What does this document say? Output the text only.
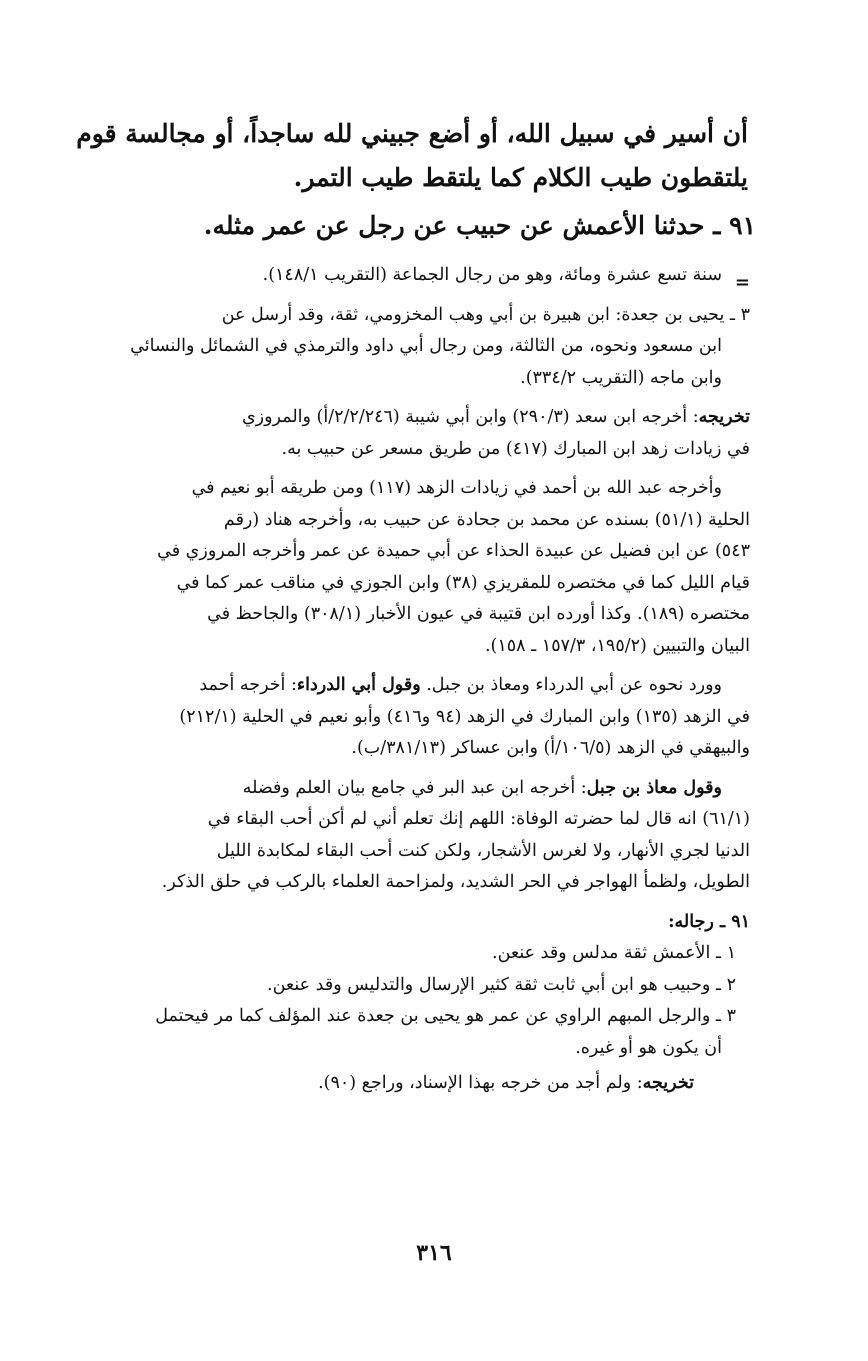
أن أسير في سبيل الله، أو أضع جبيني لله ساجداً، أو مجالسة قوم
يلتقطون طيب الكلام كما يلتقط طيب التمر.
٩١ ـ حدثنا الأعمش عن حبيب عن رجل عن عمر مثله.
سنة تسع عشرة ومائة، وهو من رجال الجماعة (التقريب ١٤٨/١).
٣ ـ يحيى بن جعدة: ابن هبيرة بن أبي وهب المخزومي، ثقة، وقد أرسل عن
ابن مسعود ونحوه، من الثالثة، ومن رجال أبي داود والترمذي في الشمائل والنسائي
وابن ماجه (التقريب ٣٣٤/٢).
تخريجه: أخرجه ابن سعد (٢٩٠/٣) وابن أبي شيبة (٢/٢/٢٤٦/أ) والمروزي
في زيادات زهد ابن المبارك (٤١٧) من طريق مسعر عن حبيب به.
وأخرجه عبد الله بن أحمد في زيادات الزهد (١١٧) ومن طريقه أبو نعيم في
الحلية (٥١/١) بسنده عن محمد بن جحادة عن حبيب به، وأخرجه هناد (رقم
٥٤٣) عن ابن فضيل عن عبيدة الحذاء عن أبي حميدة عن عمر وأخرجه المروزي في
قيام الليل كما في مختصره للمقريزي (٣٨) وابن الجوزي في مناقب عمر كما في
مختصره (١٨٩). وكذا أورده ابن قتيبة في عيون الأخبار (٣٠٨/١) والجاحظ في
البيان والتبيين (١٩٥/٢، ١٥٧/٣ ـ ١٥٨).
وورد نحوه عن أبي الدرداء ومعاذ بن جبل. وقول أبي الدرداء: أخرجه أحمد
في الزهد (١٣٥) وابن المبارك في الزهد (٩٤ و٤١٦) وأبو نعيم في الحلية (٢١٢/١)
والبيهقي في الزهد (١٠٦/٥/أ) وابن عساكر (٣٨١/١٣/ب).
وقول معاذ بن جبل: أخرجه ابن عبد البر في جامع بيان العلم وفضله
(٦١/١) انه قال لما حضرته الوفاة: اللهم إنك تعلم أني لم أكن أحب البقاء في
الدنيا لجري الأنهار، ولا لغرس الأشجار، ولكن كنت أحب البقاء لمكابدة الليل
الطويل، ولظمأ الهواجر في الحر الشديد، ولمزاحمة العلماء بالركب في حلق الذكر.
٩١ ـ رجاله:
١ ـ الأعمش ثقة مدلس وقد عنعن.
٢ ـ وحبيب هو ابن أبي ثابت ثقة كثير الإرسال والتدليس وقد عنعن.
٣ ـ والرجل المبهم الراوي عن عمر هو يحيى بن جعدة عند المؤلف كما مر فيحتمل
أن يكون هو أو غيره.
تخريجه: ولم أجد من خرجه بهذا الإسناد، وراجع (٩٠).
=
٣١٦
